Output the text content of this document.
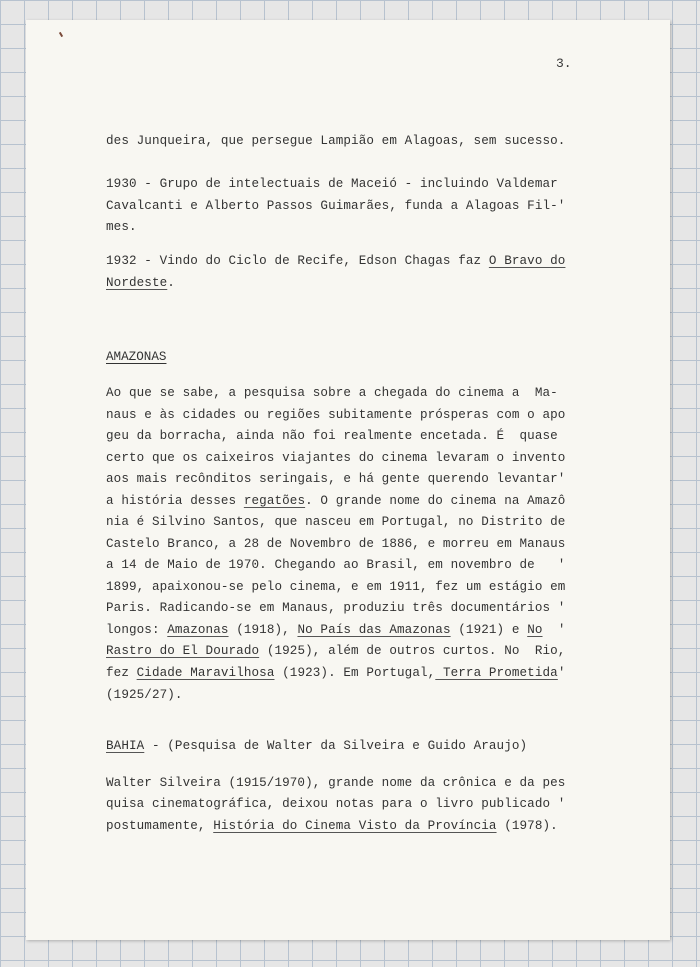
3.
des Junqueira, que persegue Lampião em Alagoas, sem sucesso.
1930 - Grupo de intelectuais de Maceió - incluindo Valdemar
Cavalcanti e Alberto Passos Guimarães, funda a Alagoas Fil-'
mes.
1932 - Vindo do Ciclo de Recife, Edson Chagas faz O Bravo do
Nordeste.
AMAZONAS
Ao que se sabe, a pesquisa sobre a chegada do cinema a  Ma-
naus e às cidades ou regiões subitamente prósperas com o apo
geu da borracha, ainda não foi realmente encetada. É  quase
certo que os caixeiros viajantes do cinema levaram o invento
aos mais recônditos seringais, e há gente querendo levantar'
a história desses regatões. O grande nome do cinema na Amazô
nia é Silvino Santos, que nasceu em Portugal, no Distrito de
Castelo Branco, a 28 de Novembro de 1886, e morreu em Manaus
a 14 de Maio de 1970. Chegando ao Brasil, em novembro de   '
1899, apaixonou-se pelo cinema, e em 1911, fez um estágio em
Paris. Radicando-se em Manaus, produziu três documentários '
longos: Amazonas (1918), No País das Amazonas (1921) e No  '
Rastro do El Dourado (1925), além de outros curtos. No  Rio,
fez Cidade Maravilhosa (1923). Em Portugal, Terra Prometida'
(1925/27).
BAHIA - (Pesquisa de Walter da Silveira e Guido Araujo)
Walter Silveira (1915/1970), grande nome da crônica e da pes
quisa cinematográfica, deixou notas para o livro publicado '
postumamente, História do Cinema Visto da Província (1978).
